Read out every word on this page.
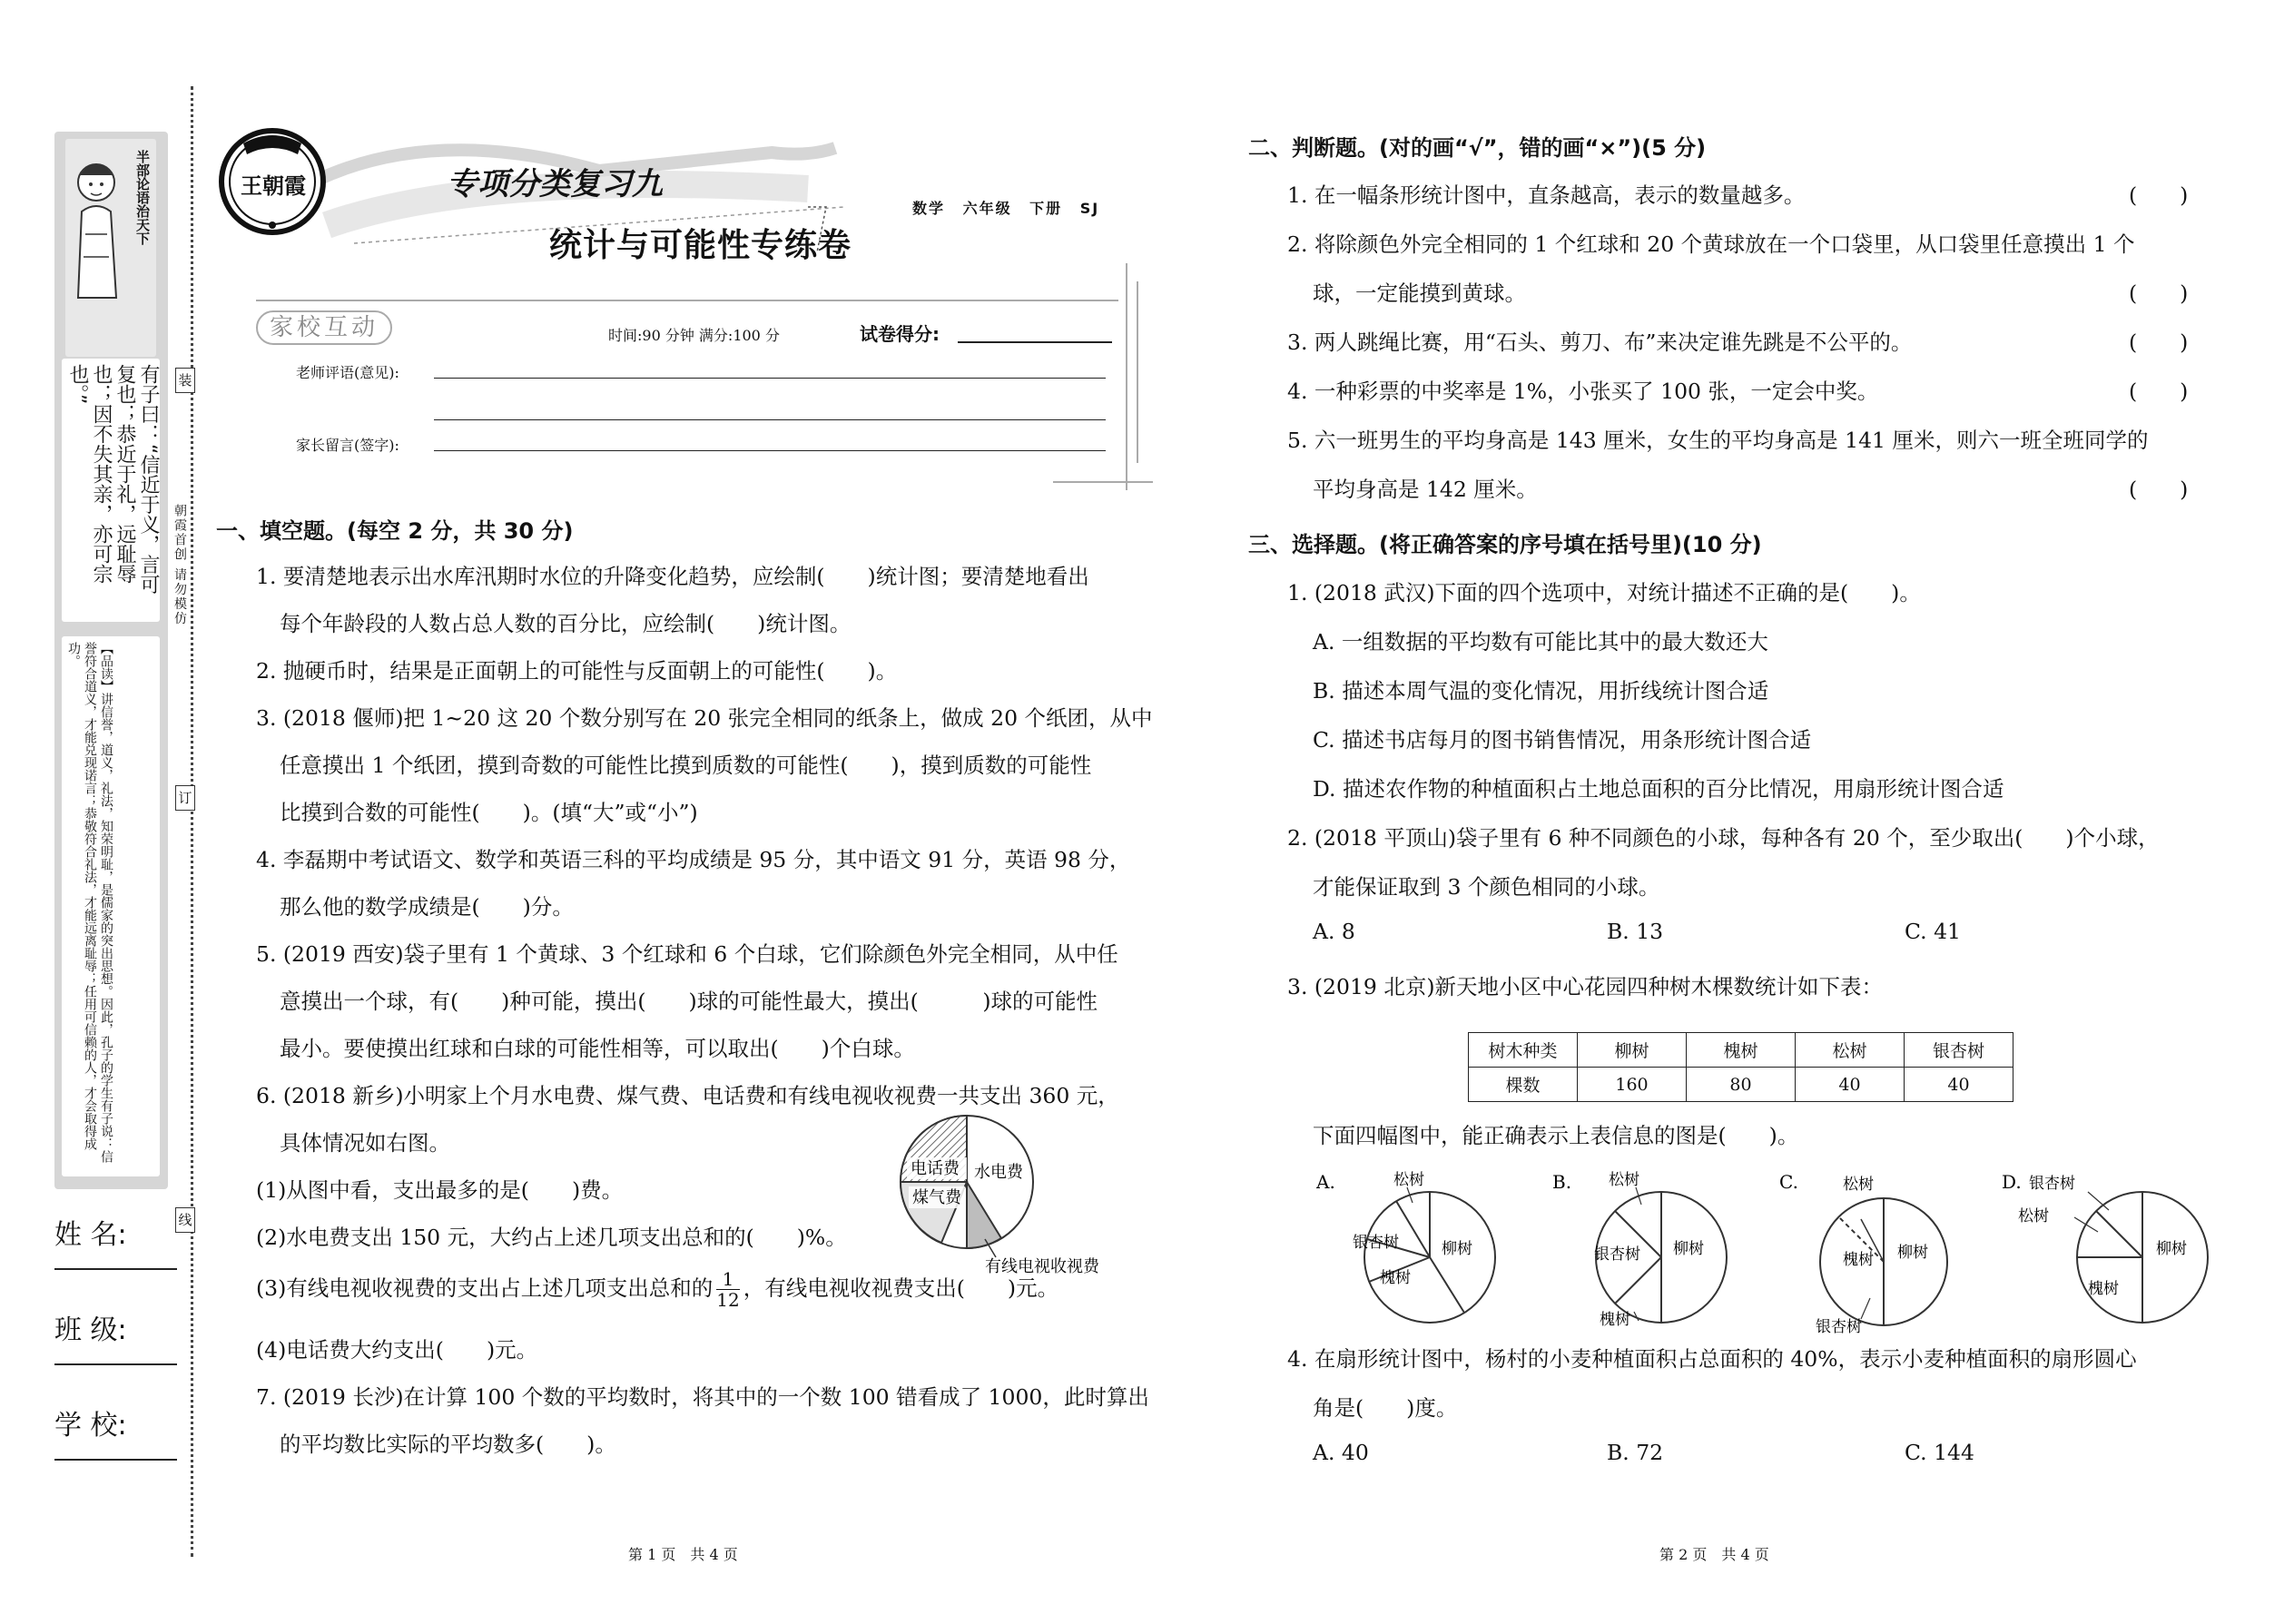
半部论语治天下
有子曰：“信近于义，言可复也；恭近于礼，远耻辱也；因不失其亲，亦可宗也。”
【品读】讲信誉，道义，礼法，知荣明耻，是儒家的突出思想。因此，孔子的学生有子说：信誉符合道义，才能兑现诺言；恭敬符合礼法，才能远离耻辱；任用可信赖的人，才会取得成功。
朝霞首创 请勿模仿
装
订
线
姓 名:
班 级:
学 校:
王朝霞	专项分类复习九
统计与可能性专练卷
数学 六年级 下册 SJ
家校互动	时间:90 分钟 满分:100 分	试卷得分:
老师评语(意见):
家长留言(签字):
一、填空题。(每空 2 分，共 30 分)
1. 要清楚地表示出水库汛期时水位的升降变化趋势，应绘制(　　)统计图；要清楚地看出
每个年龄段的人数占总人数的百分比，应绘制(　　)统计图。
2. 抛硬币时，结果是正面朝上的可能性与反面朝上的可能性(　　)。
3. (2018 偃师)把 1~20 这 20 个数分别写在 20 张完全相同的纸条上，做成 20 个纸团，从中
任意摸出 1 个纸团，摸到奇数的可能性比摸到质数的可能性(　　)，摸到质数的可能性
比摸到合数的可能性(　　)。(填“大”或“小”)
4. 李磊期中考试语文、数学和英语三科的平均成绩是 95 分，其中语文 91 分，英语 98 分，
那么他的数学成绩是(　　)分。
5. (2019 西安)袋子里有 1 个黄球、3 个红球和 6 个白球，它们除颜色外完全相同，从中任
意摸出一个球，有(　　)种可能，摸出(　　)球的可能性最大，摸出(　　　)球的可能性
最小。要使摸出红球和白球的可能性相等，可以取出(　　)个白球。
6. (2018 新乡)小明家上个月水电费、煤气费、电话费和有线电视收视费一共支出 360 元，
具体情况如右图。
(1)从图中看，支出最多的是(　　)费。
(2)水电费支出 150 元，大约占上述几项支出总和的(　　)%。
(3)有线电视收视费的支出占上述几项支出总和的 $\frac{1}{12}$ ，有线电视收视费支出(　　)元。
(4)电话费大约支出(　　)元。
7. (2019 长沙)在计算 100 个数的平均数时，将其中的一个数 100 错看成了 1000，此时算出
的平均数比实际的平均数多(　　)。
电话费
煤气费
水电费
有线电视收视费
第 1 页　共 4 页
二、判断题。(对的画“√”，错的画“×”)(5 分)
1. 在一幅条形统计图中，直条越高，表示的数量越多。
2. 将除颜色外完全相同的 1 个红球和 20 个黄球放在一个口袋里，从口袋里任意摸出 1 个
球，一定能摸到黄球。
3. 两人跳绳比赛，用“石头、剪刀、布”来决定谁先跳是不公平的。
4. 一种彩票的中奖率是 1%，小张买了 100 张，一定会中奖。
5. 六一班男生的平均身高是 143 厘米，女生的平均身高是 141 厘米，则六一班全班同学的
平均身高是 142 厘米。
(　　)
(　　)
(　　)
(　　)
(　　)
三、选择题。(将正确答案的序号填在括号里)(10 分)
1. (2018 武汉)下面的四个选项中，对统计描述不正确的是(　　)。
A. 一组数据的平均数有可能比其中的最大数还大
B. 描述本周气温的变化情况，用折线统计图合适
C. 描述书店每月的图书销售情况，用条形统计图合适
D. 描述农作物的种植面积占土地总面积的百分比情况，用扇形统计图合适
2. (2018 平顶山)袋子里有 6 种不同颜色的小球，每种各有 20 个，至少取出(　　)个小球，
才能保证取到 3 个颜色相同的小球。
A. 8	B. 13	C. 41
3. (2019 北京)新天地小区中心花园四种树木棵数统计如下表：
树木种类	柳树	槐树	松树	银杏树
棵数	160	80	40	40
下面四幅图中，能正确表示上表信息的图是(　　)。
A.	松树
银杏树	柳树
槐树
B. 松树
银杏树 柳树
槐树
C.	松树
槐树 柳树
银杏树
D. 银杏树
松树
柳树
槐树
4. 在扇形统计图中，杨村的小麦种植面积占总面积的 40%，表示小麦种植面积的扇形圆心
角是(　　)度。
A. 40	B. 72	C. 144
第 2 页　共 4 页
